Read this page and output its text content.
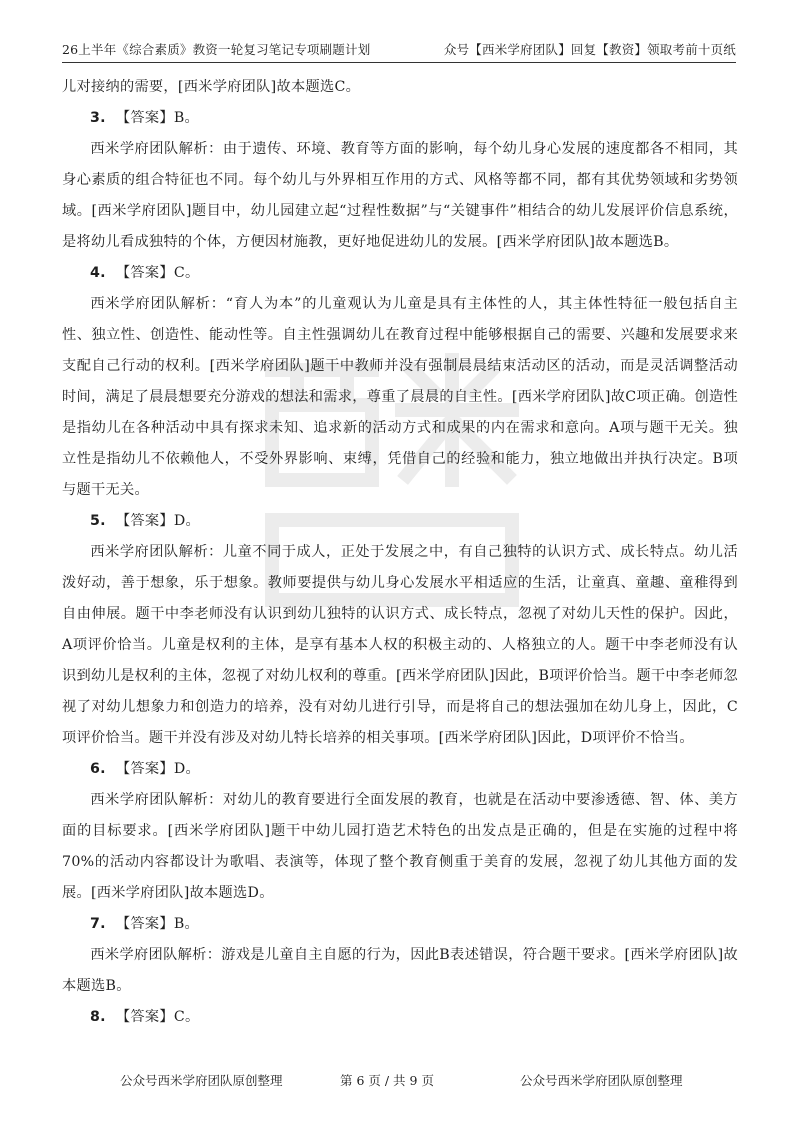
26上半年《综合素质》教资一轮复习笔记专项刷题计划	众号【西米学府团队】回复【教资】领取考前十页纸

儿对接纳的需要，[西米学府团队]故本题选C。

3. 【答案】B。

西米学府团队解析：由于遗传、环境、教育等方面的影响，每个幼儿身心发展的速度都各不相同，其身心素质的组合特征也不同。每个幼儿与外界相互作用的方式、风格等都不同，都有其优势领域和劣势领域。[西米学府团队]题目中，幼儿园建立起“过程性数据”与“关键事件”相结合的幼儿发展评价信息系统，是将幼儿看成独特的个体，方便因材施教，更好地促进幼儿的发展。[西米学府团队]故本题选B。

4. 【答案】C。

西米学府团队解析：“育人为本”的儿童观认为儿童是具有主体性的人，其主体性特征一般包括自主性、独立性、创造性、能动性等。自主性强调幼儿在教育过程中能够根据自己的需要、兴趣和发展要求来支配自己行动的权利。[西米学府团队]题干中教师并没有强制晨晨结束活动区的活动，而是灵活调整活动时间，满足了晨晨想要充分游戏的想法和需求，尊重了晨晨的自主性。[西米学府团队]故C项正确。创造性是指幼儿在各种活动中具有探求未知、追求新的活动方式和成果的内在需求和意向。A项与题干无关。独立性是指幼儿不依赖他人，不受外界影响、束缚，凭借自己的经验和能力，独立地做出并执行决定。B项与题干无关。

5. 【答案】D。

西米学府团队解析：儿童不同于成人，正处于发展之中，有自己独特的认识方式、成长特点。幼儿活泼好动，善于想象，乐于想象。教师要提供与幼儿身心发展水平相适应的生活，让童真、童趣、童稚得到自由伸展。题干中李老师没有认识到幼儿独特的认识方式、成长特点，忽视了对幼儿天性的保护。因此，A项评价恰当。儿童是权利的主体，是享有基本人权的积极主动的、人格独立的人。题干中李老师没有认识到幼儿是权利的主体，忽视了对幼儿权利的尊重。[西米学府团队]因此，B项评价恰当。题干中李老师忽视了对幼儿想象力和创造力的培养，没有对幼儿进行引导，而是将自己的想法强加在幼儿身上，因此，C项评价恰当。题干并没有涉及对幼儿特长培养的相关事项。[西米学府团队]因此，D项评价不恰当。

6. 【答案】D。

西米学府团队解析：对幼儿的教育要进行全面发展的教育，也就是在活动中要渗透德、智、体、美方面的目标要求。[西米学府团队]题干中幼儿园打造艺术特色的出发点是正确的，但是在实施的过程中将70%的活动内容都设计为歌唱、表演等，体现了整个教育侧重于美育的发展，忽视了幼儿其他方面的发展。[西米学府团队]故本题选D。

7. 【答案】B。

西米学府团队解析：游戏是儿童自主自愿的行为，因此B表述错误，符合题干要求。[西米学府团队]故本题选B。

8. 【答案】C。

公众号西米学府团队原创整理	第 6 页 / 共 9 页	公众号西米学府团队原创整理
